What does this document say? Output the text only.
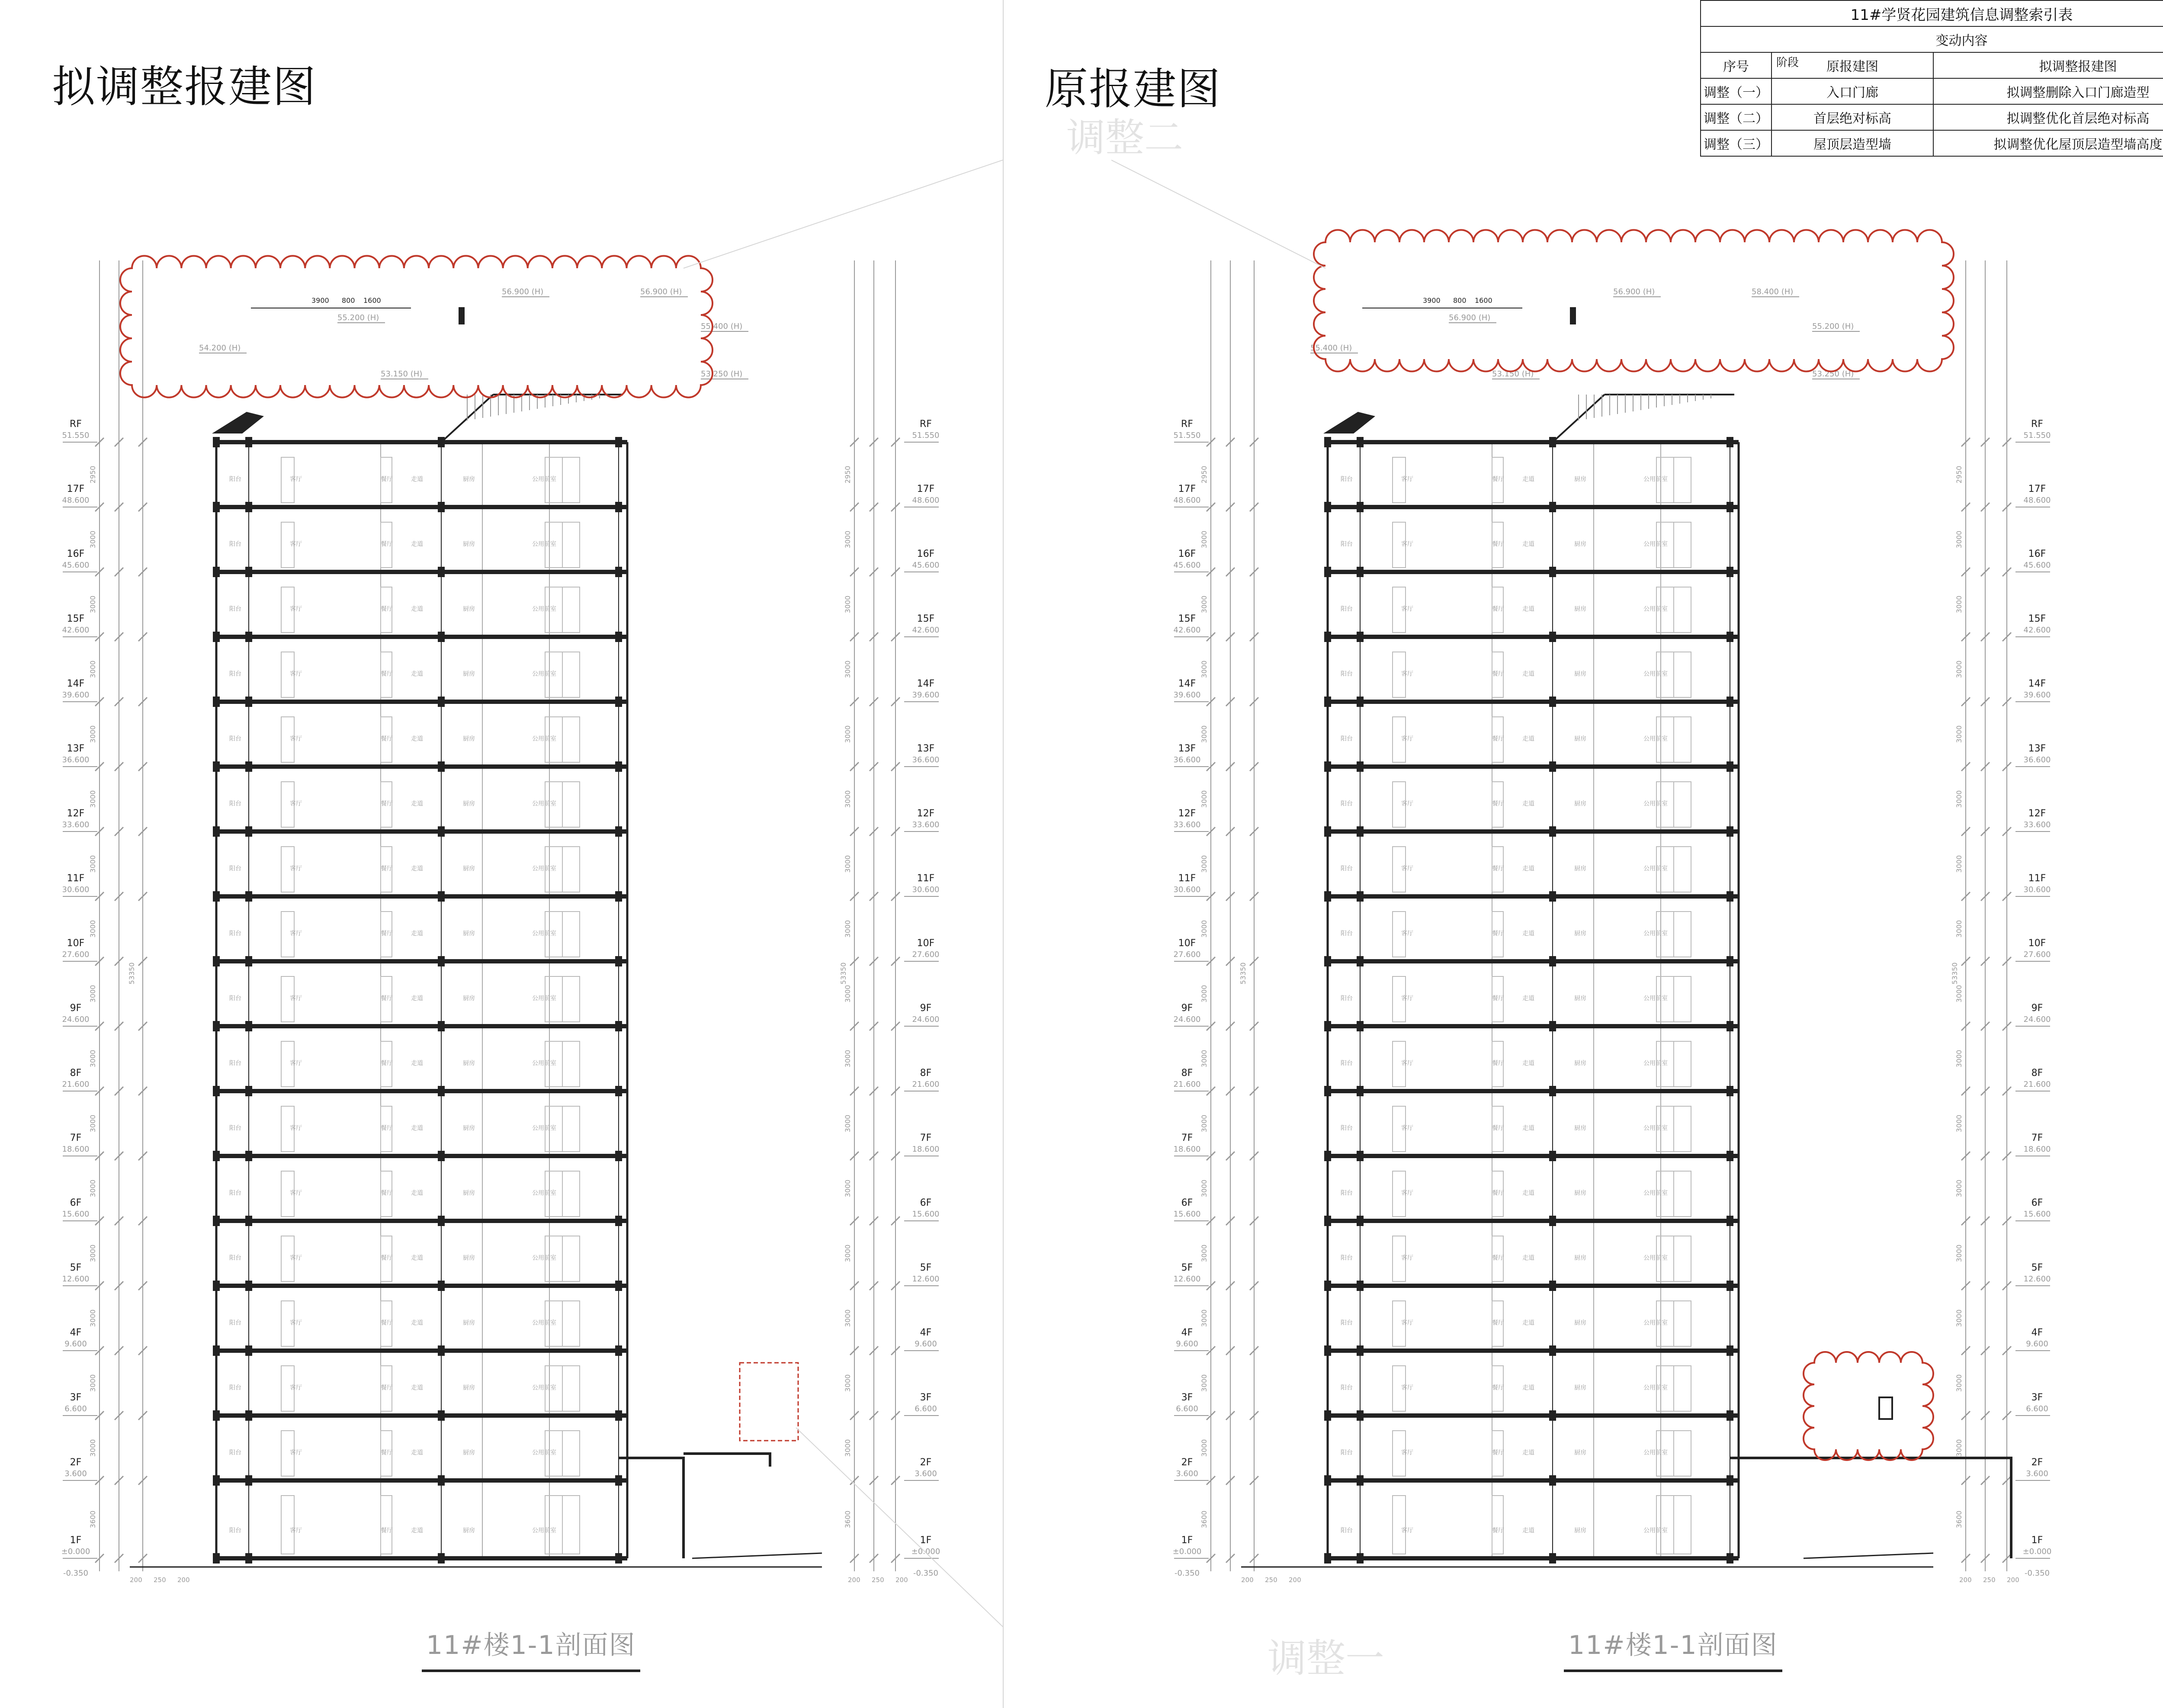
拟调整报建图	原报建图
11#学贤花园建筑信息调整索引表		
变动内容		
序号	阶段 原报建图	拟调整报建图
调整（一）	入口门廊	拟调整删除入口门廊造型
调整（二）	首层绝对标高	拟调整优化首层绝对标高
调整（三）	屋顶层造型墙	拟调整优化屋顶层造型墙高度
1F
±0.000
1F
±0.000
3600	3600
2F
3.600
2F
3.600
3000	3000
3F
6.600
3F
6.600
3000	3000
4F
9.600
4F
9.600
3000	3000
5F
12.600
5F
12.600
3000	3000
6F
15.600
6F
15.600
3000	3000
7F
18.600
7F
18.600
3000	3000
8F
21.600
8F
21.600
3000	3000
9F
24.600
9F
24.600
3000	3000
10F
27.600
10F
27.600
3000	3000
11F
30.600
11F
30.600
3000	3000
12F
33.600
12F
33.600
3000	3000
13F
36.600
13F
36.600
3000	3000
14F
39.600
14F
39.600
3000	3000
15F
42.600
15F
42.600
3000	3000
16F
45.600
16F
45.600
3000	3000
17F
48.600
17F
48.600
2950	2950
RF
51.550
RF
51.550
53350	53350
阳台	客厅	餐厅	走道	厨房	公用前室
阳台	客厅	餐厅	走道	厨房	公用前室
阳台	客厅	餐厅	走道	厨房	公用前室
阳台	客厅	餐厅	走道	厨房	公用前室
阳台	客厅	餐厅	走道	厨房	公用前室
阳台	客厅	餐厅	走道	厨房	公用前室
阳台	客厅	餐厅	走道	厨房	公用前室
阳台	客厅	餐厅	走道	厨房	公用前室
阳台	客厅	餐厅	走道	厨房	公用前室
阳台	客厅	餐厅	走道	厨房	公用前室
阳台	客厅	餐厅	走道	厨房	公用前室
阳台	客厅	餐厅	走道	厨房	公用前室
阳台	客厅	餐厅	走道	厨房	公用前室
阳台	客厅	餐厅	走道	厨房	公用前室
阳台	客厅	餐厅	走道	厨房	公用前室
阳台	客厅	餐厅	走道	厨房	公用前室
阳台	客厅	餐厅	走道	厨房	公用前室
54.200 (H)
55.200 (H)
56.900 (H)	56.900 (H)
55.400 (H)
53.150 (H)	53.250 (H)
3900 800 1600
-0.350	-0.350
200	200
250	250
200	200
1F
±0.000
1F
±0.000
3600	3600
2F
3.600
2F
3.600
3000	3000
3F
6.600
3F
6.600
3000	3000
4F
9.600
4F
9.600
3000	3000
5F
12.600
5F
12.600
3000	3000
6F
15.600
6F
15.600
3000	3000
7F
18.600
7F
18.600
3000	3000
8F
21.600
8F
21.600
3000	3000
9F
24.600
9F
24.600
3000	3000
10F
27.600
10F
27.600
3000	3000
11F
30.600
11F
30.600
3000	3000
12F
33.600
12F
33.600
3000	3000
13F
36.600
13F
36.600
3000	3000
14F
39.600
14F
39.600
3000	3000
15F
42.600
15F
42.600
3000	3000
16F
45.600
16F
45.600
3000	3000
17F
48.600
17F
48.600
2950	2950
RF
51.550
RF
51.550
53350	53350
阳台	客厅	餐厅	走道	厨房	公用前室
阳台	客厅	餐厅	走道	厨房	公用前室
阳台	客厅	餐厅	走道	厨房	公用前室
阳台	客厅	餐厅	走道	厨房	公用前室
阳台	客厅	餐厅	走道	厨房	公用前室
阳台	客厅	餐厅	走道	厨房	公用前室
阳台	客厅	餐厅	走道	厨房	公用前室
阳台	客厅	餐厅	走道	厨房	公用前室
阳台	客厅	餐厅	走道	厨房	公用前室
阳台	客厅	餐厅	走道	厨房	公用前室
阳台	客厅	餐厅	走道	厨房	公用前室
阳台	客厅	餐厅	走道	厨房	公用前室
阳台	客厅	餐厅	走道	厨房	公用前室
阳台	客厅	餐厅	走道	厨房	公用前室
阳台	客厅	餐厅	走道	厨房	公用前室
阳台	客厅	餐厅	走道	厨房	公用前室
阳台	客厅	餐厅	走道	厨房	公用前室
55.400 (H)
56.900 (H)
56.900 (H)	58.400 (H)
55.200 (H)
53.150 (H)	53.250 (H)
3900 800 1600
-0.350	-0.350
200	200
250	250
200	200
11#楼1-1剖面图	11#楼1-1剖面图
调整二
调整一
